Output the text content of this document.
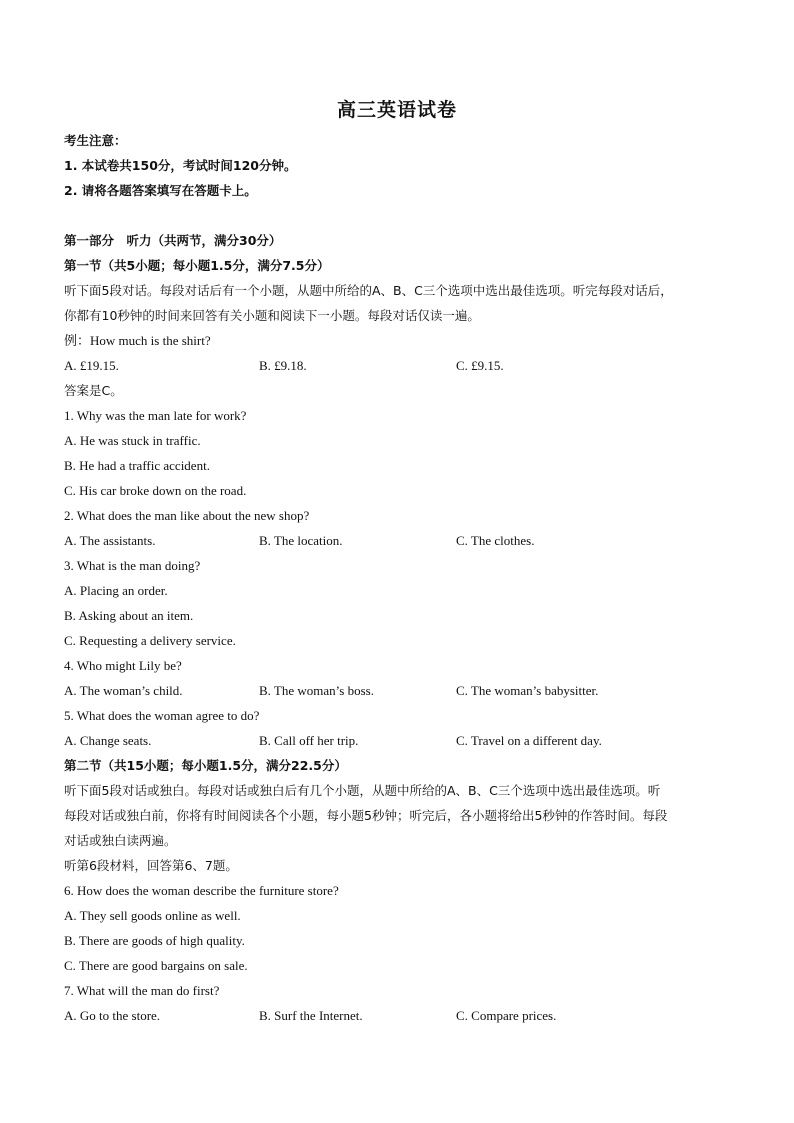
高三英语试卷
考生注意：
1. 本试卷共150分，考试时间120分钟。
2. 请将各题答案填写在答题卡上。
第一部分　听力（共两节，满分30分）
第一节（共5小题；每小题1.5分，满分7.5分）
听下面5段对话。每段对话后有一个小题，从题中所给的A、B、C三个选项中选出最佳选项。听完每段对话后，
你都有10秒钟的时间来回答有关小题和阅读下一小题。每段对话仅读一遍。
例：How much is the shirt?
A. £19.15.	B. £9.18.	C. £9.15.
答案是C。
1. Why was the man late for work?
A. He was stuck in traffic.
B. He had a traffic accident.
C. His car broke down on the road.
2. What does the man like about the new shop?
A. The assistants.	B. The location.	C. The clothes.
3. What is the man doing?
A. Placing an order.
B. Asking about an item.
C. Requesting a delivery service.
4. Who might Lily be?
A. The woman’s child.	B. The woman’s boss.	C. The woman’s babysitter.
5. What does the woman agree to do?
A. Change seats.	B. Call off her trip.	C. Travel on a different day.
第二节（共15小题；每小题1.5分，满分22.5分）
听下面5段对话或独白。每段对话或独白后有几个小题，从题中所给的A、B、C三个选项中选出最佳选项。听
每段对话或独白前，你将有时间阅读各个小题，每小题5秒钟；听完后，各小题将给出5秒钟的作答时间。每段
对话或独白读两遍。
听第6段材料，回答第6、7题。
6. How does the woman describe the furniture store?
A. They sell goods online as well.
B. There are goods of high quality.
C. There are good bargains on sale.
7. What will the man do first?
A. Go to the store.	B. Surf the Internet.	C. Compare prices.
